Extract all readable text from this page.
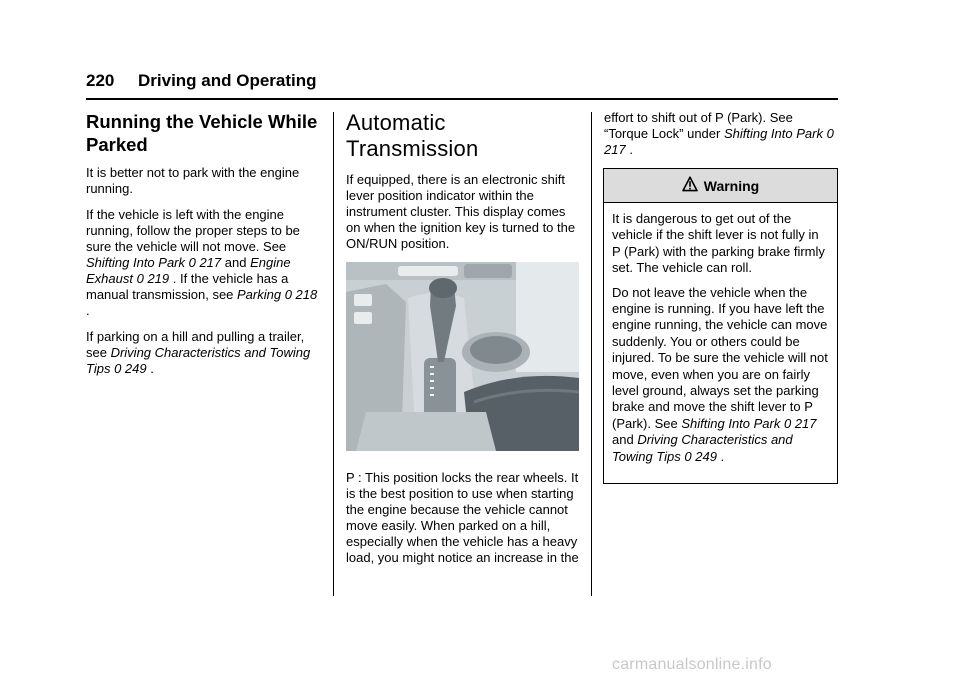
220 Driving and Operating
Running the Vehicle While Parked

It is better not to park with the engine running.

If the vehicle is left with the engine running, follow the proper steps to be sure the vehicle will not move. See Shifting Into Park 0 217 and Engine Exhaust 0 219 . If the vehicle has a manual transmission, see Parking 0 218 .

If parking on a hill and pulling a trailer, see Driving Characteristics and Towing Tips 0 249 .

Automatic Transmission

If equipped, there is an electronic shift lever position indicator within the instrument cluster. This display comes on when the ignition key is turned to the ON/RUN position.

P : This position locks the rear wheels. It is the best position to use when starting the engine because the vehicle cannot move easily. When parked on a hill, especially when the vehicle has a heavy load, you might notice an increase in the

effort to shift out of P (Park). See “Torque Lock” under Shifting Into Park 0 217 .

Warning

It is dangerous to get out of the vehicle if the shift lever is not fully in P (Park) with the parking brake firmly set. The vehicle can roll.

Do not leave the vehicle when the engine is running. If you have left the engine running, the vehicle can move suddenly. You or others could be injured. To be sure the vehicle will not move, even when you are on fairly level ground, always set the parking brake and move the shift lever to P (Park). See Shifting Into Park 0 217 and Driving Characteristics and Towing Tips 0 249 .

carmanualsonline.info
